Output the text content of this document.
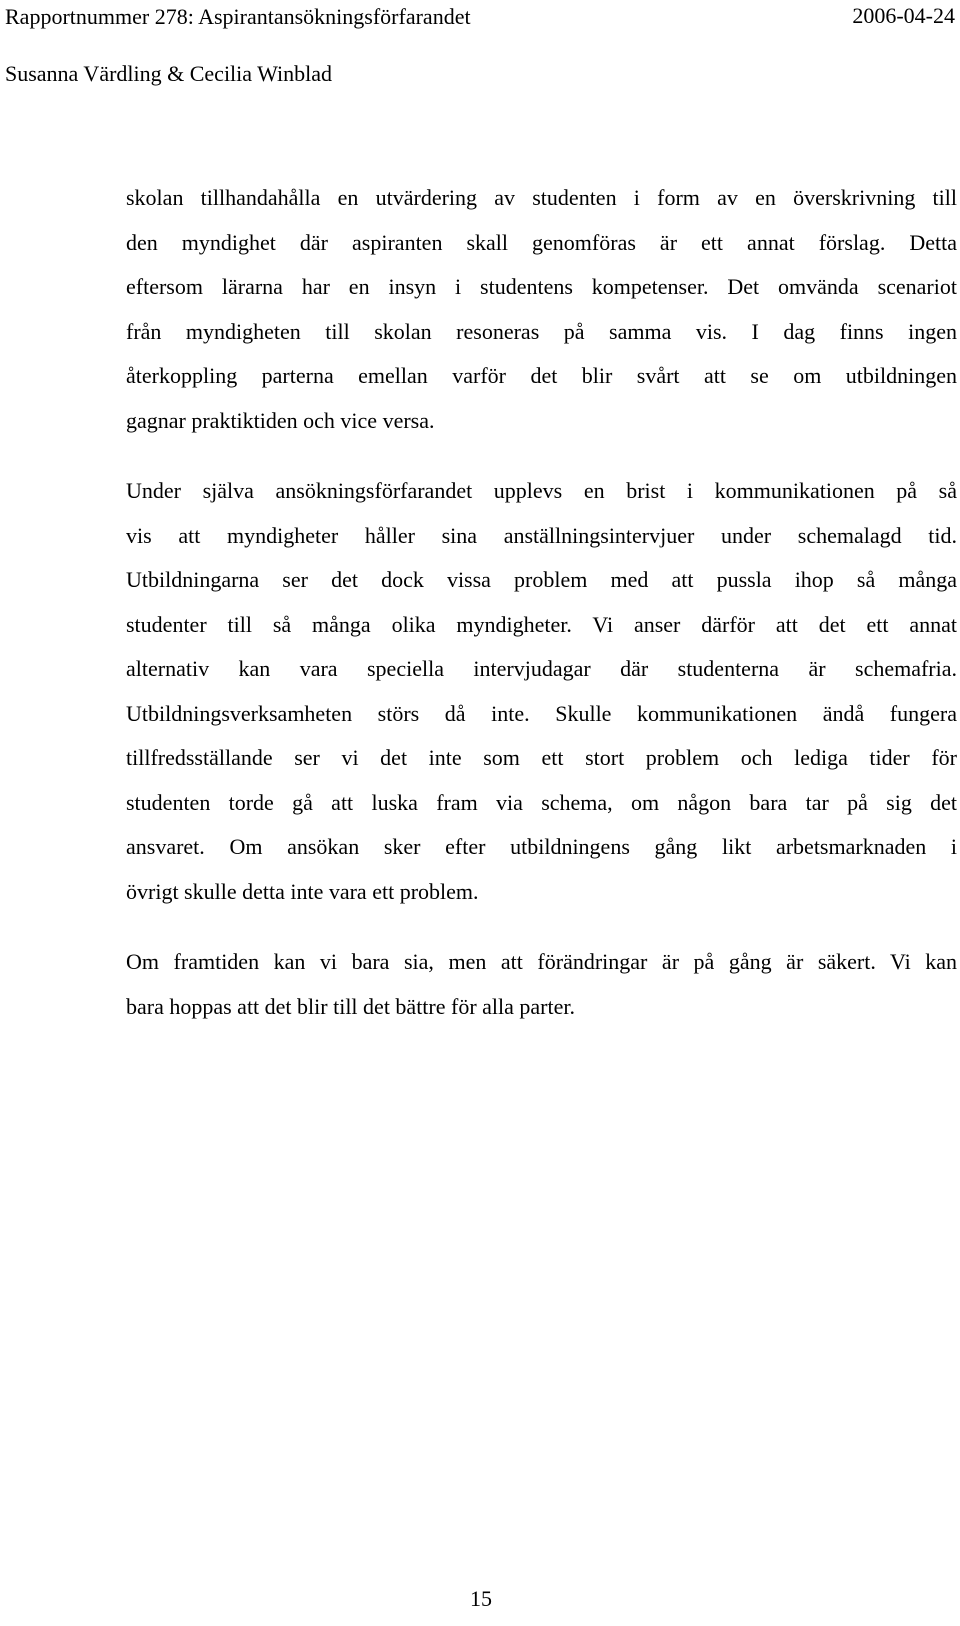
Rapportnummer 278: Aspirantansökningsförfarandet	2006-04-24
Susanna Värdling & Cecilia Winblad
skolan tillhandahålla en utvärdering av studenten i form av en överskrivning till
den myndighet där aspiranten skall genomföras är ett annat förslag. Detta
eftersom lärarna har en insyn i studentens kompetenser. Det omvända scenariot
från myndigheten till skolan resoneras på samma vis. I dag finns ingen
återkoppling parterna emellan varför det blir svårt att se om utbildningen
gagnar praktiktiden och vice versa.
Under själva ansökningsförfarandet upplevs en brist i kommunikationen på så
vis att myndigheter håller sina anställningsintervjuer under schemalagd tid.
Utbildningarna ser det dock vissa problem med att pussla ihop så många
studenter till så många olika myndigheter. Vi anser därför att det ett annat
alternativ kan vara speciella intervjudagar där studenterna är schemafria.
Utbildningsverksamheten störs då inte. Skulle kommunikationen ändå fungera
tillfredsställande ser vi det inte som ett stort problem och lediga tider för
studenten torde gå att luska fram via schema, om någon bara tar på sig det
ansvaret. Om ansökan sker efter utbildningens gång likt arbetsmarknaden i
övrigt skulle detta inte vara ett problem.
Om framtiden kan vi bara sia, men att förändringar är på gång är säkert. Vi kan
bara hoppas att det blir till det bättre för alla parter.
15
